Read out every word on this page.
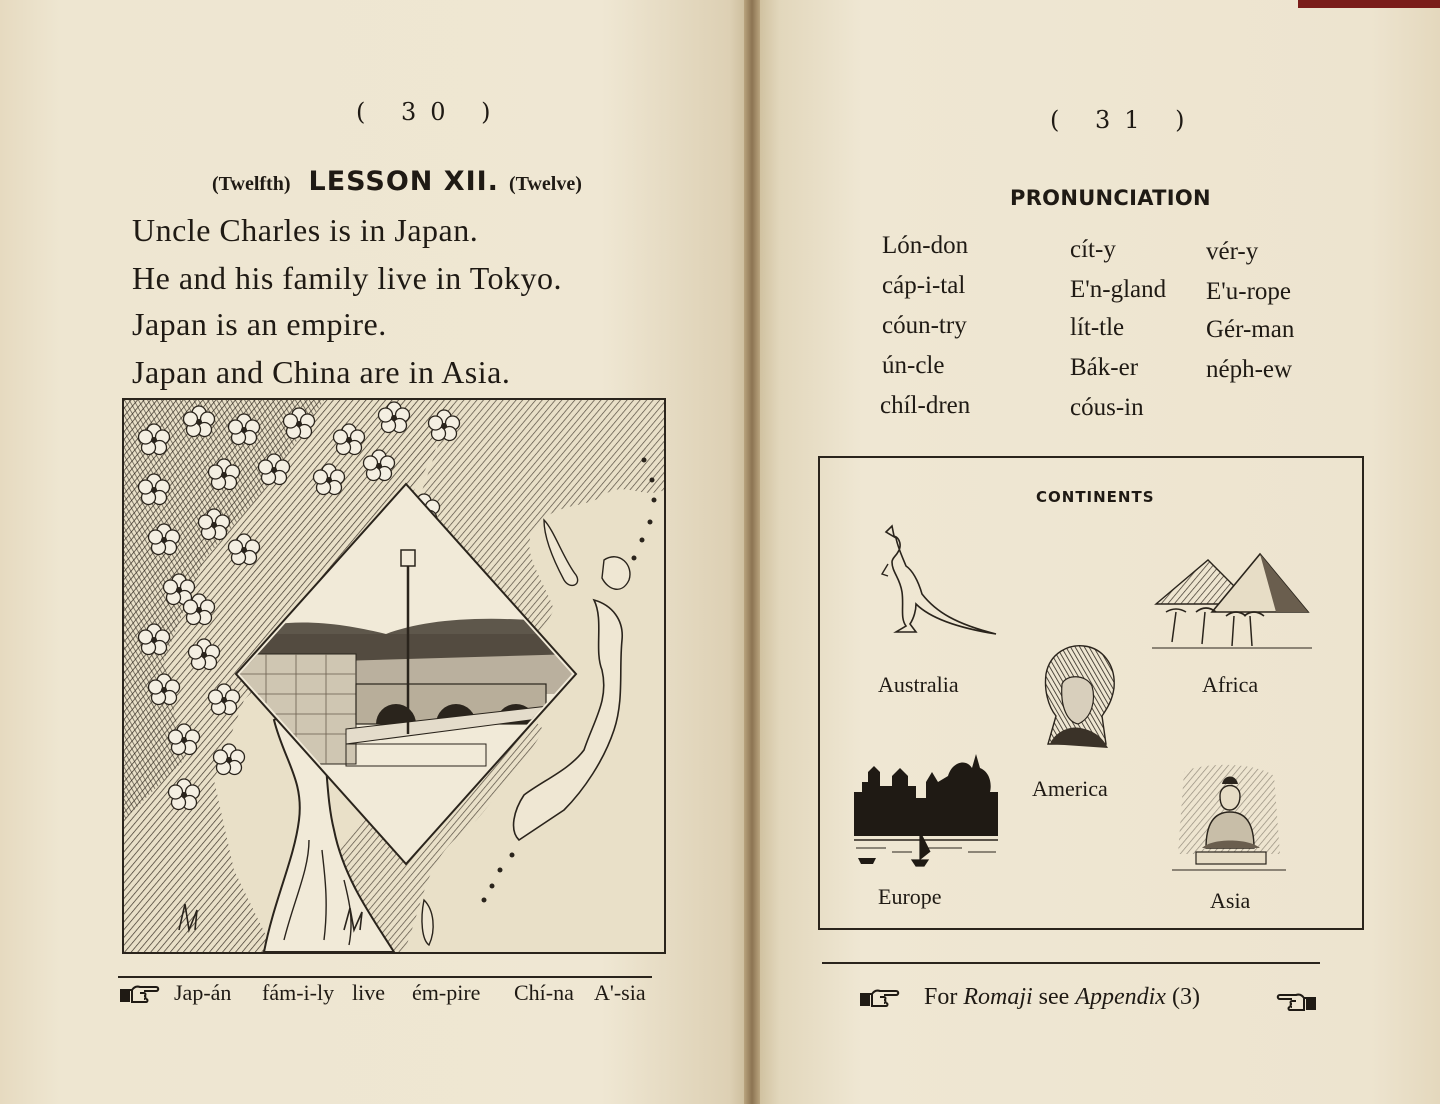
( 30 )
(Twelfth) LESSON XII. (Twelve)
Uncle Charles is in Japan.
He and his family live in Tokyo.
Japan is an empire.
Japan and China are in Asia.
Jap-án fám-i-ly live ém-pire Chí-na A'-sia
( 31 )
PRONUNCIATION
Lón-don
cáp-i-tal
cóun-try
ún-cle
chíl-dren
cít-y
E'n-gland
lít-tle
Bák-er
cóus-in
vér-y
E'u-rope
Gér-man
néph-ew
CONTINENTS
Australia	Africa
America
Europe	Asia
For Romaji see Appendix (3)
